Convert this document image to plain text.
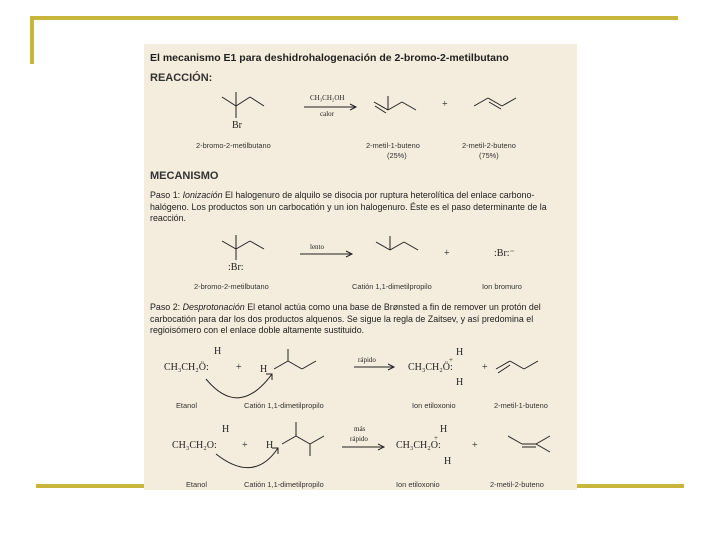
El mecanismo E1 para deshidrohalogenación de 2-bromo-2-metilbutano
REACCIÓN:
Br
CH₃CH₂OH
calor
+
2-bromo-2-metilbutano	2-metil-1-buteno
(25%)
2-metil-2-buteno
(75%)
MECANISMO
Paso 1: Ionización El halogenuro de alquilo se disocia por ruptura heterolítica del enlace carbono-halógeno. Los productos son un carbocatión y un ion halogenuro. Éste es el paso determinante de la reacción.
lento
:Br:
+	:Br:⁻
2-bromo-2-metilbutano	Catión 1,1-dimetilpropilo	Ion bromuro
Paso 2: Desprotonación El etanol actúa como una base de Brønsted a fin de remover un protón del carbocatión para dar los dos productos alquenos. Se sigue la regla de Zaitsev, y así predomina el regioisómero con el enlace doble altamente sustituido.
H
CH₃CH₂Ö:	+ H
rápido
H
+
CH₃CH₂Ö:
H
+
Etanol	Catión 1,1-dimetilpropilo	Ion etiloxonio	2-metil-1-buteno
H
CH₃CH₂O:	+ H
más
rápido
H
+
CH₃CH₂O:
H
+
Etanol	Catión 1,1-dimetilpropilo	Ion etiloxonio	2-metil-2-buteno
